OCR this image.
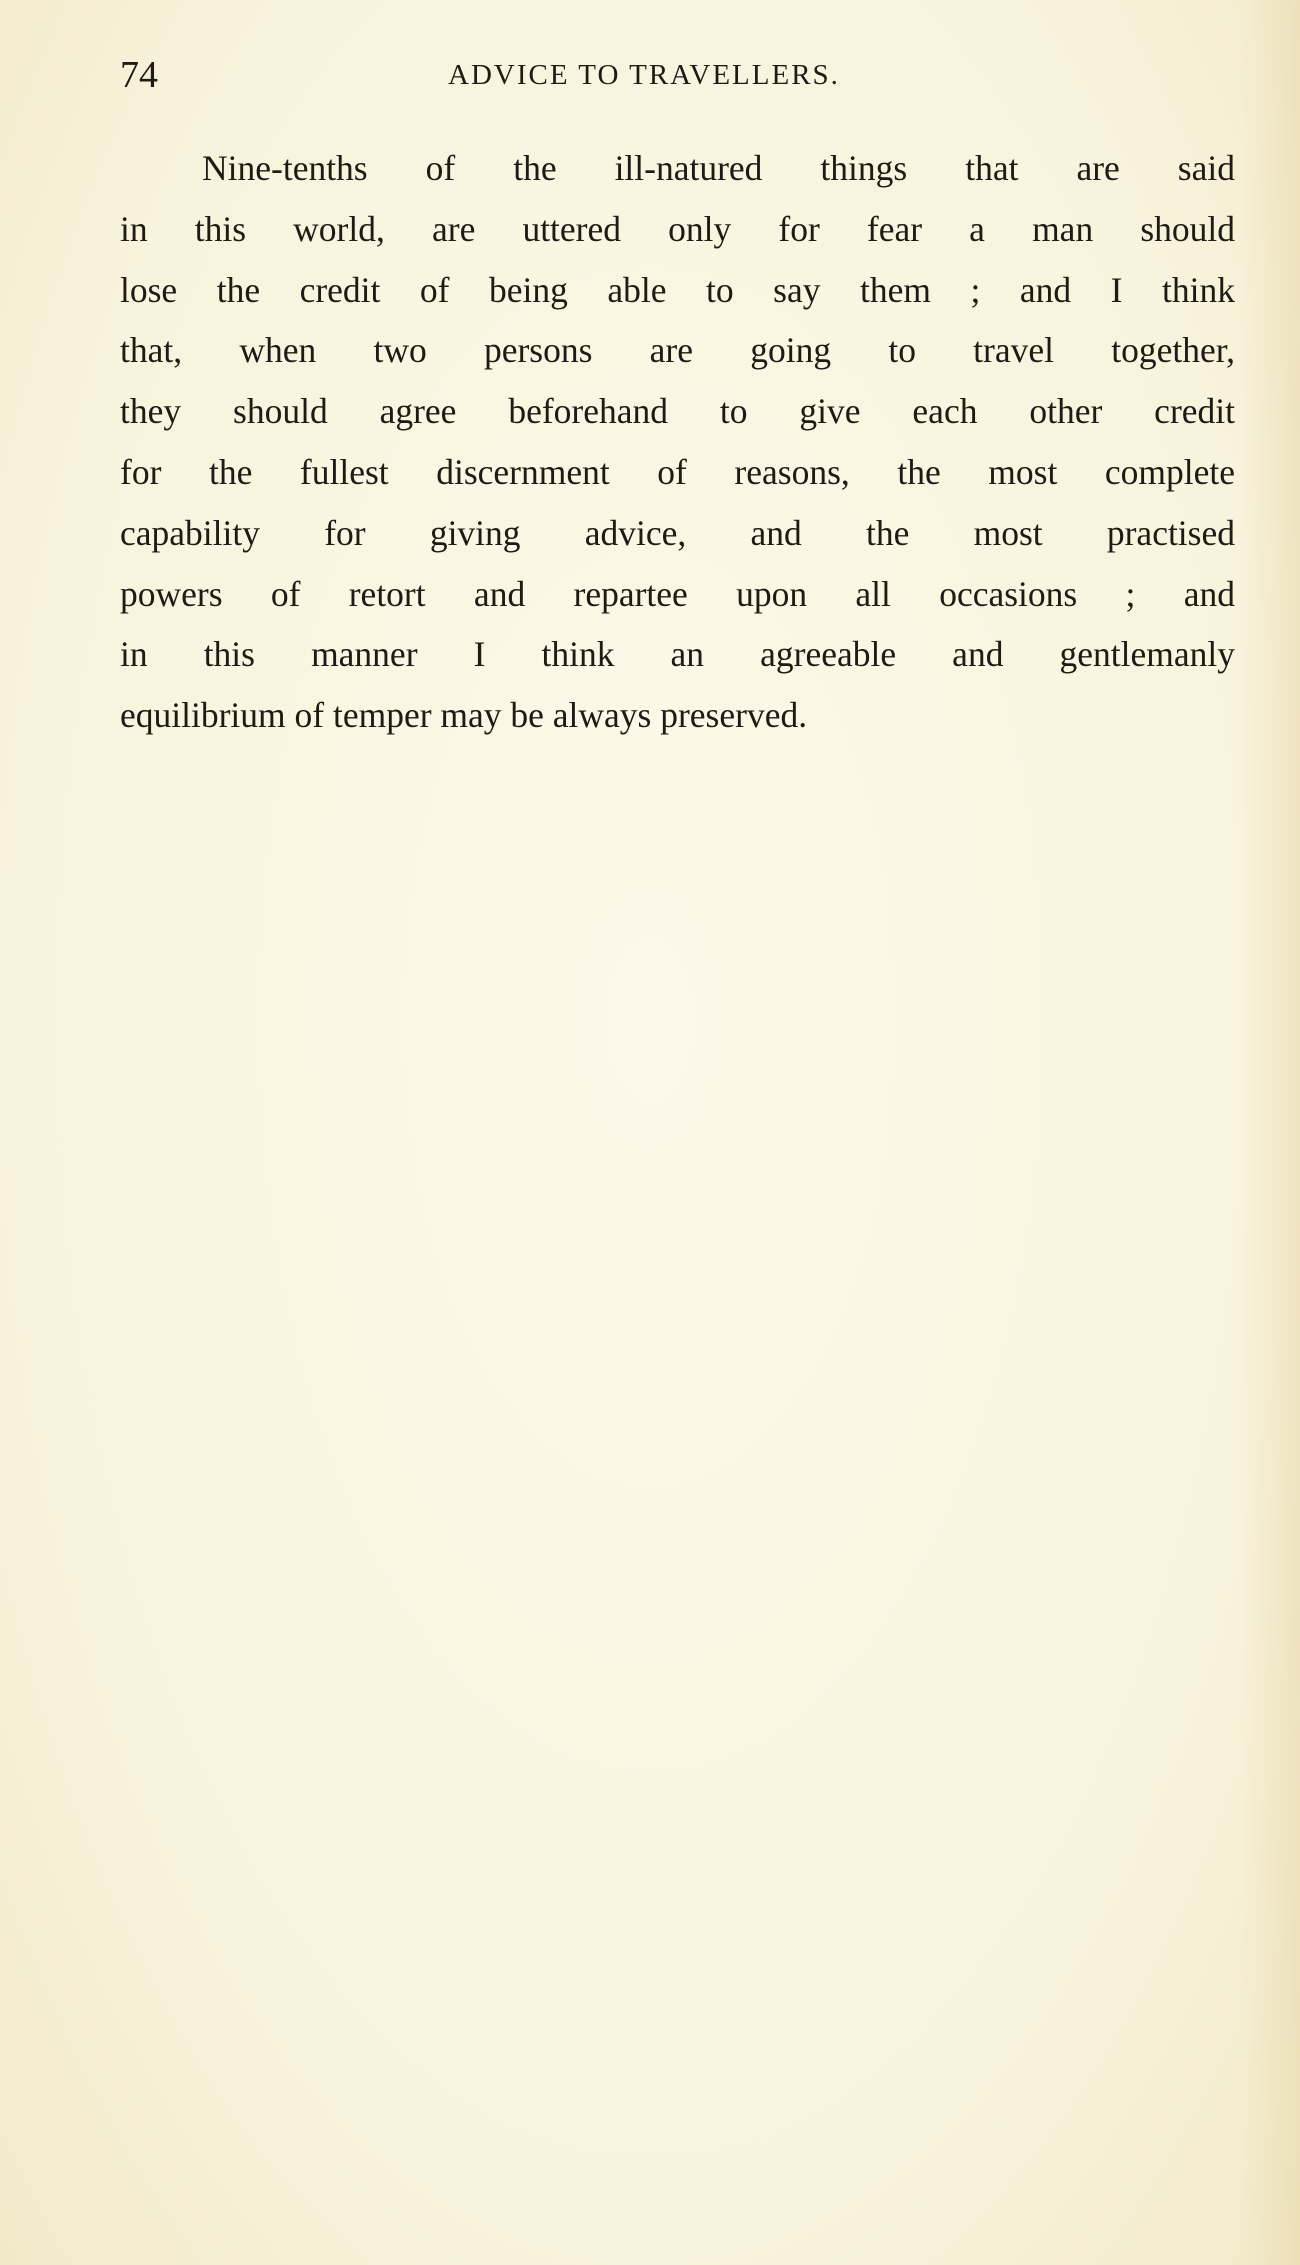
74	ADVICE TO TRAVELLERS.
Nine-tenths of the ill-natured things that are said
in this world, are uttered only for fear a man should
lose the credit of being able to say them ; and I think
that, when two persons are going to travel together,
they should agree beforehand to give each other credit
for the fullest discernment of reasons, the most complete
capability for giving advice, and the most practised
powers of retort and repartee upon all occasions ; and
in this manner I think an agreeable and gentlemanly
equilibrium of temper may be always preserved.
